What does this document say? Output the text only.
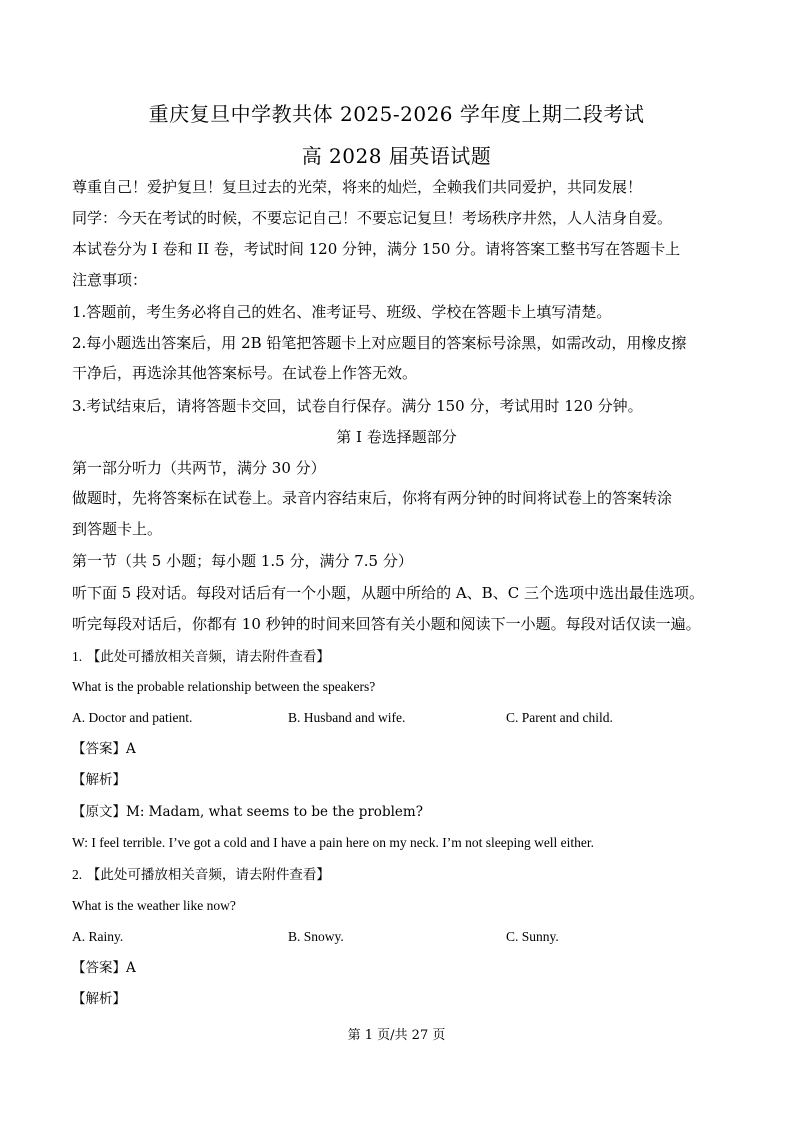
重庆复旦中学教共体 2025-2026 学年度上期二段考试
高 2028 届英语试题
尊重自己！爱护复旦！复旦过去的光荣，将来的灿烂，全赖我们共同爱护，共同发展！
同学：今天在考试的时候，不要忘记自己！不要忘记复旦！考场秩序井然，人人洁身自爱。
本试卷分为 I 卷和 II 卷，考试时间 120 分钟，满分 150 分。请将答案工整书写在答题卡上
注意事项：
1.答题前，考生务必将自己的姓名、准考证号、班级、学校在答题卡上填写清楚。
2.每小题选出答案后，用 2B 铅笔把答题卡上对应题目的答案标号涂黑，如需改动，用橡皮擦
干净后，再选涂其他答案标号。在试卷上作答无效。
3.考试结束后，请将答题卡交回，试卷自行保存。满分 150 分，考试用时 120 分钟。
第 I 卷选择题部分
第一部分听力（共两节，满分 30 分）
做题时，先将答案标在试卷上。录音内容结束后，你将有两分钟的时间将试卷上的答案转涂
到答题卡上。
第一节（共 5 小题；每小题 1.5 分，满分 7.5 分）
听下面 5 段对话。每段对话后有一个小题，从题中所给的 A、B、C 三个选项中选出最佳选项。
听完每段对话后，你都有 10 秒钟的时间来回答有关小题和阅读下一小题。每段对话仅读一遍。
1. 【此处可播放相关音频，请去附件查看】
What is the probable relationship between the speakers?
A. Doctor and patient.	B. Husband and wife.	C. Parent and child.
【答案】A
【解析】
【原文】M: Madam, what seems to be the problem?
W: I feel terrible. I’ve got a cold and I have a pain here on my neck. I’m not sleeping well either.
2. 【此处可播放相关音频，请去附件查看】
What is the weather like now?
A. Rainy.	B. Snowy.	C. Sunny.
【答案】A
【解析】
第 1 页/共 27 页
